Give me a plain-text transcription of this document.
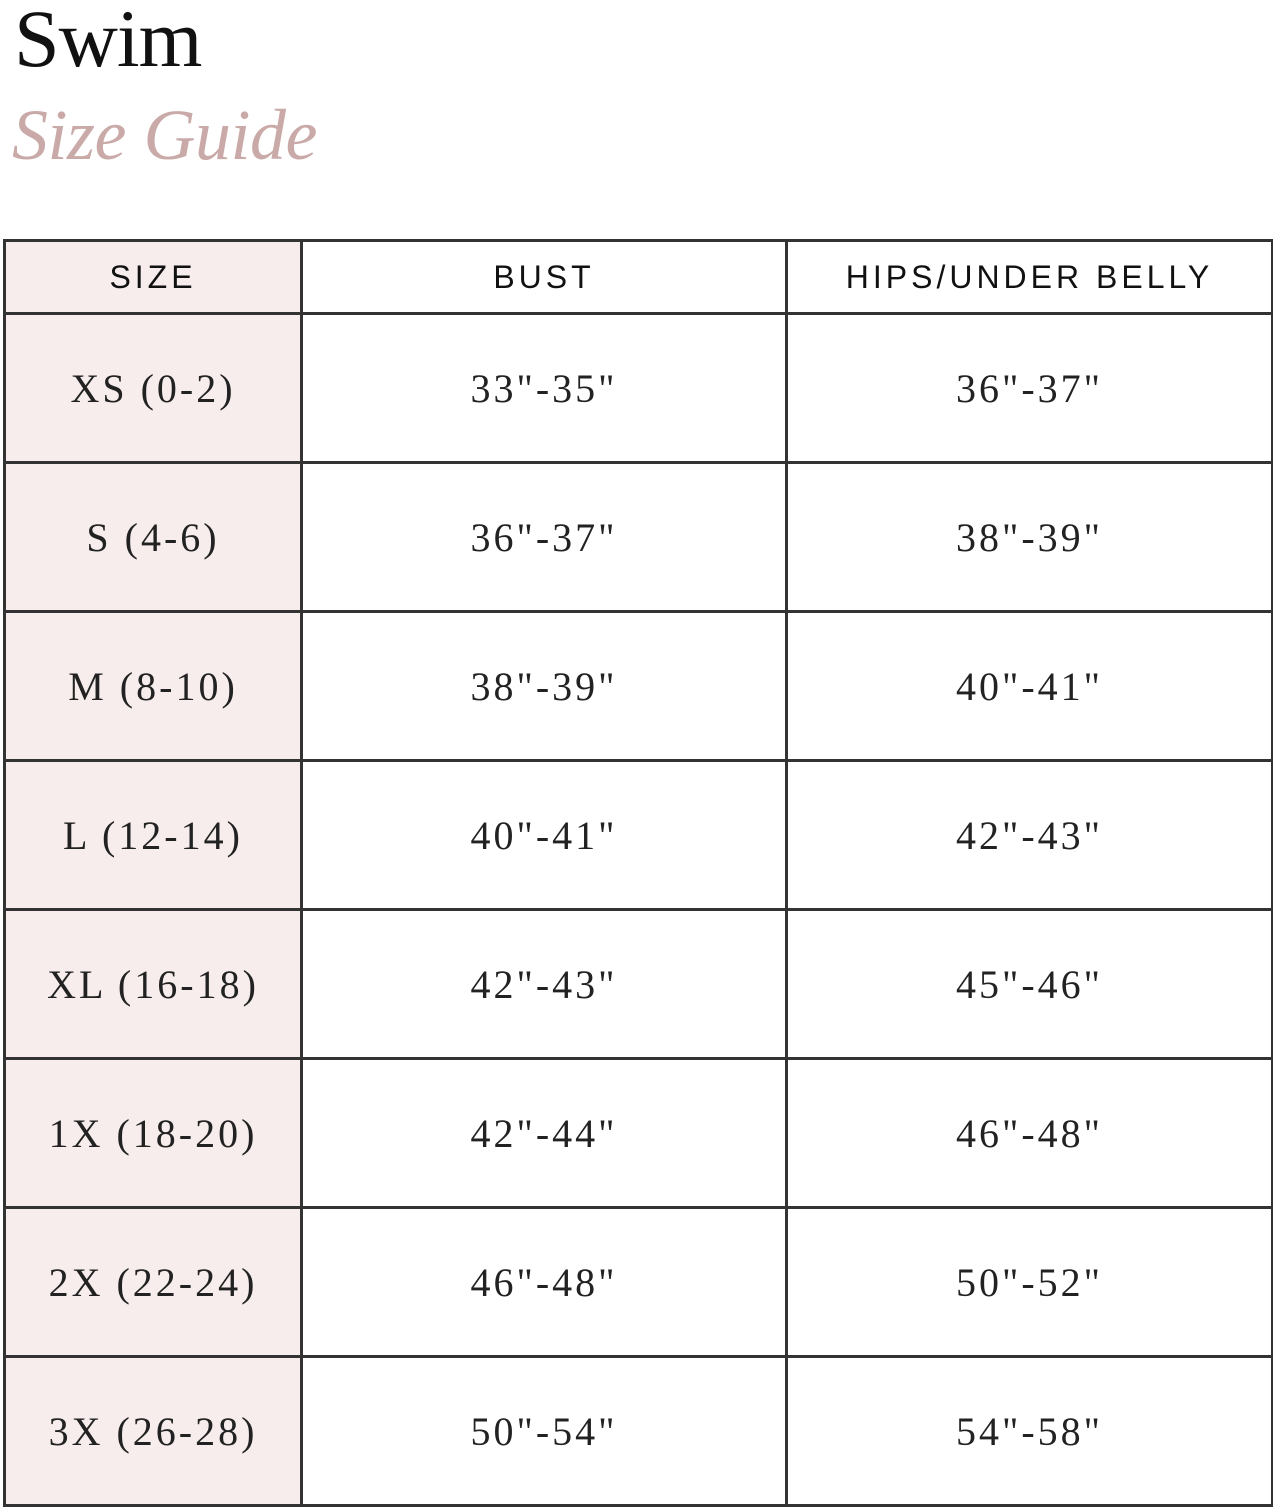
Swim
Size Guide
SIZE	BUST	HIPS/UNDER BELLY
XS (0-2)	33"-35"	36"-37"
S (4-6)	36"-37"	38"-39"
M (8-10)	38"-39"	40"-41"
L (12-14)	40"-41"	42"-43"
XL (16-18)	42"-43"	45"-46"
1X (18-20)	42"-44"	46"-48"
2X (22-24)	46"-48"	50"-52"
3X (26-28)	50"-54"	54"-58"
